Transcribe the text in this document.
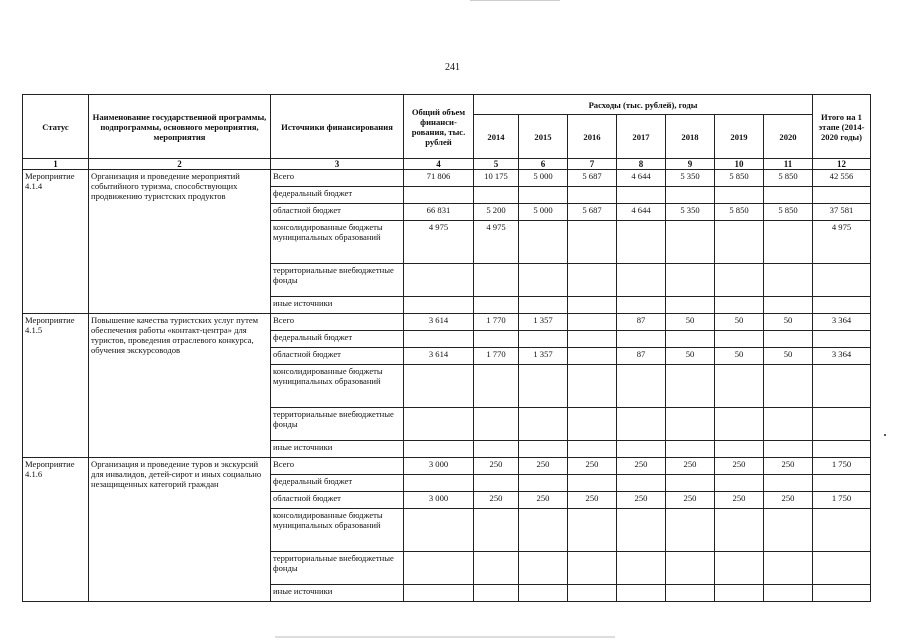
241
Статус	Наименование государственной программы, подпрограммы, основного мероприятия, мероприятия	Источники финансирования	Общий объем финанси-рования, тыс. рублей	Расходы (тыс. рублей), годы							Итого на 1 этапе (2014-2020 годы)
				2014	2015	2016	2017	2018	2019	2020	
1	2	3	4	5	6	7	8	9	10	11	12
Мероприятие 4.1.4	Организация и проведение мероприятий событийного туризма, способствующих продвижению туристских продуктов	Всего	71 806	10 175	5 000	5 687	4 644	5 350	5 850	5 850	42 556
		федеральный бюджет									
		областной бюджет	66 831	5 200	5 000	5 687	4 644	5 350	5 850	5 850	37 581
		консолидированные бюджеты муниципальных образований	4 975	4 975							4 975
		территориальные внебюджетные фонды									
		иные источники									
Мероприятие 4.1.5	Повышение качества туристских услуг путем обеспечения работы «контакт-центра» для туристов, проведения отраслевого конкурса, обучения экскурсоводов	Всего	3 614	1 770	1 357		87	50	50	50	3 364
		федеральный бюджет									
		областной бюджет	3 614	1 770	1 357		87	50	50	50	3 364
		консолидированные бюджеты муниципальных образований									
		территориальные внебюджетные фонды									
		иные источники									
Мероприятие 4.1.6	Организация и проведение туров и экскурсий для инвалидов, детей-сирот и иных социально незащищенных категорий граждан	Всего	3 000	250	250	250	250	250	250	250	1 750
		федеральный бюджет									
		областной бюджет	3 000	250	250	250	250	250	250	250	1 750
		консолидированные бюджеты муниципальных образований									
		территориальные внебюджетные фонды									
		иные источники									
